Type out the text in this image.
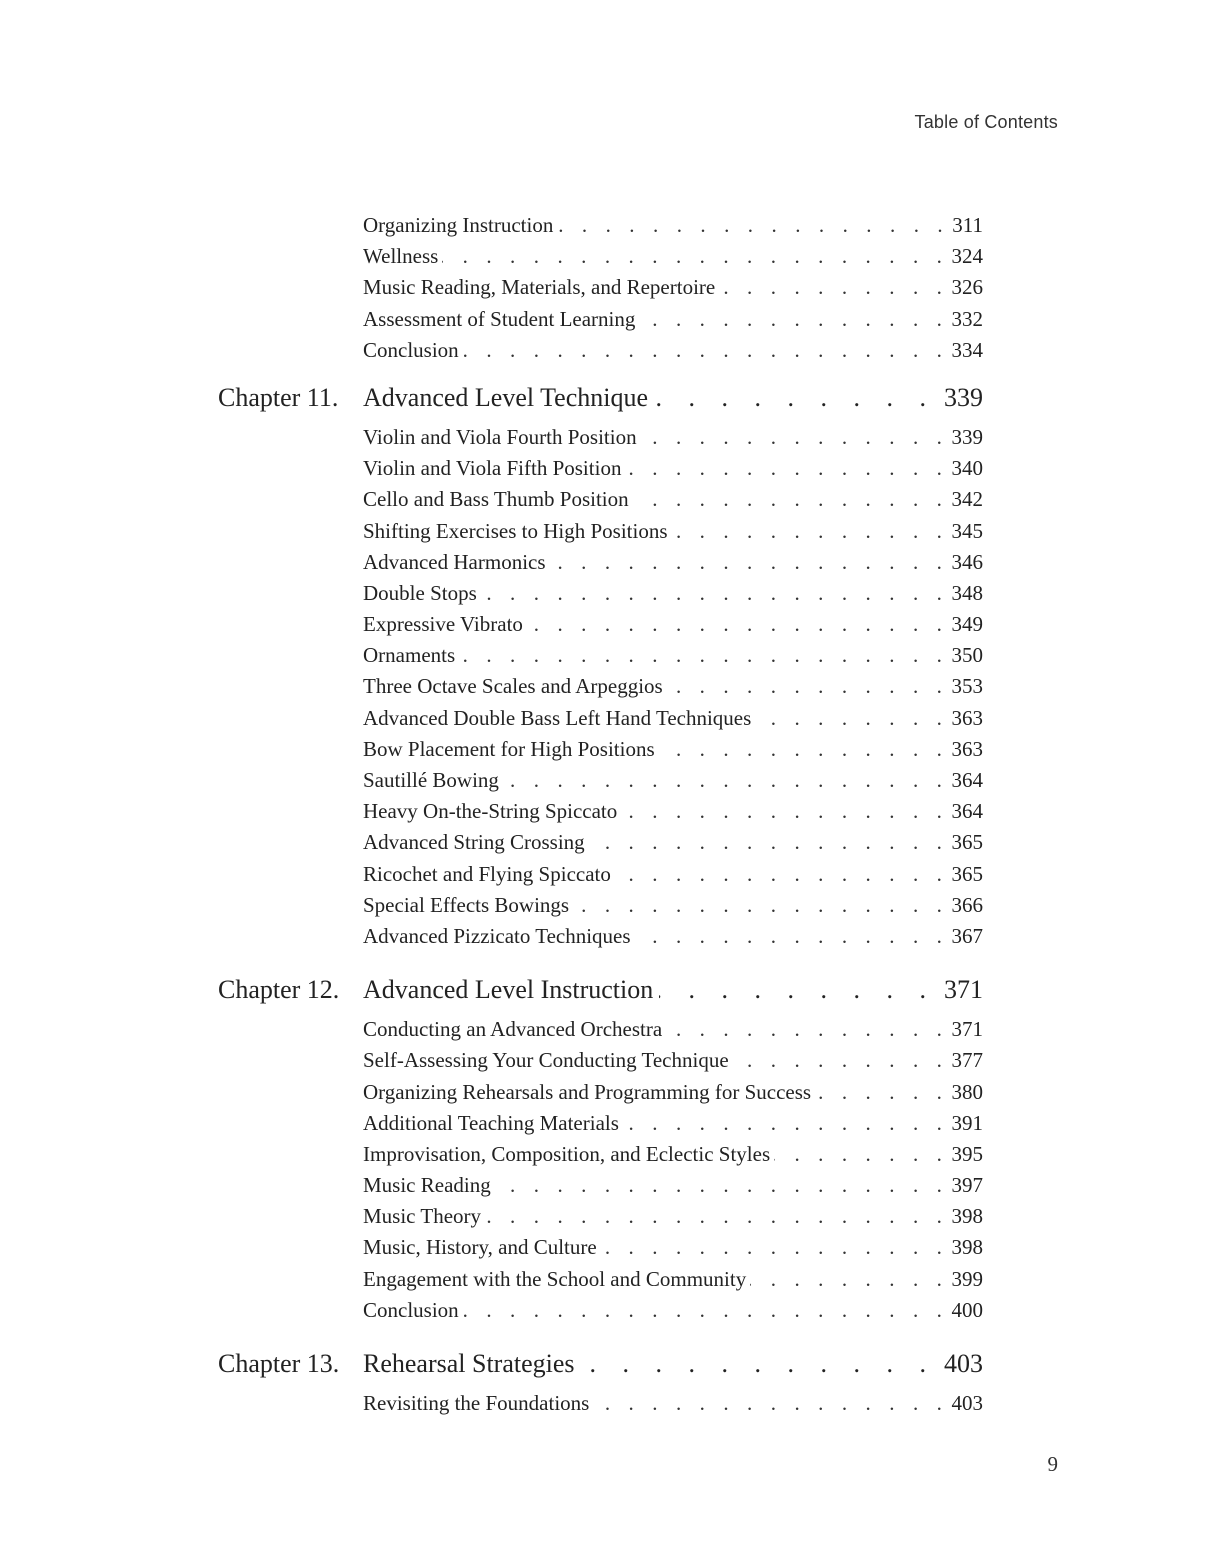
Table of Contents
Organizing Instruction . . .	311
Wellness . . .	324
Music Reading, Materials, and Repertoire . . .	326
Assessment of Student Learning . . .	332
Conclusion . . .	334
Chapter 11. Advanced Level Technique . . .	339
Violin and Viola Fourth Position . . .	339
Violin and Viola Fifth Position . . .	340
Cello and Bass Thumb Position . . .	342
Shifting Exercises to High Positions . . .	345
Advanced Harmonics . . .	346
Double Stops . . .	348
Expressive Vibrato . . .	349
Ornaments . . .	350
Three Octave Scales and Arpeggios . . .	353
Advanced Double Bass Left Hand Techniques . . .	363
Bow Placement for High Positions . . .	363
Sautillé Bowing . . .	364
Heavy On-the-String Spiccato . . .	364
Advanced String Crossing . . .	365
Ricochet and Flying Spiccato . . .	365
Special Effects Bowings . . .	366
Advanced Pizzicato Techniques . . .	367
Chapter 12. Advanced Level Instruction . . .	371
Conducting an Advanced Orchestra . . .	371
Self-Assessing Your Conducting Technique . . .	377
Organizing Rehearsals and Programming for Success . . .	380
Additional Teaching Materials . . .	391
Improvisation, Composition, and Eclectic Styles . . .	395
Music Reading . . .	397
Music Theory . . .	398
Music, History, and Culture . . .	398
Engagement with the School and Community . . .	399
Conclusion . . .	400
Chapter 13. Rehearsal Strategies . . .	403
Revisiting the Foundations . . .	403
9
